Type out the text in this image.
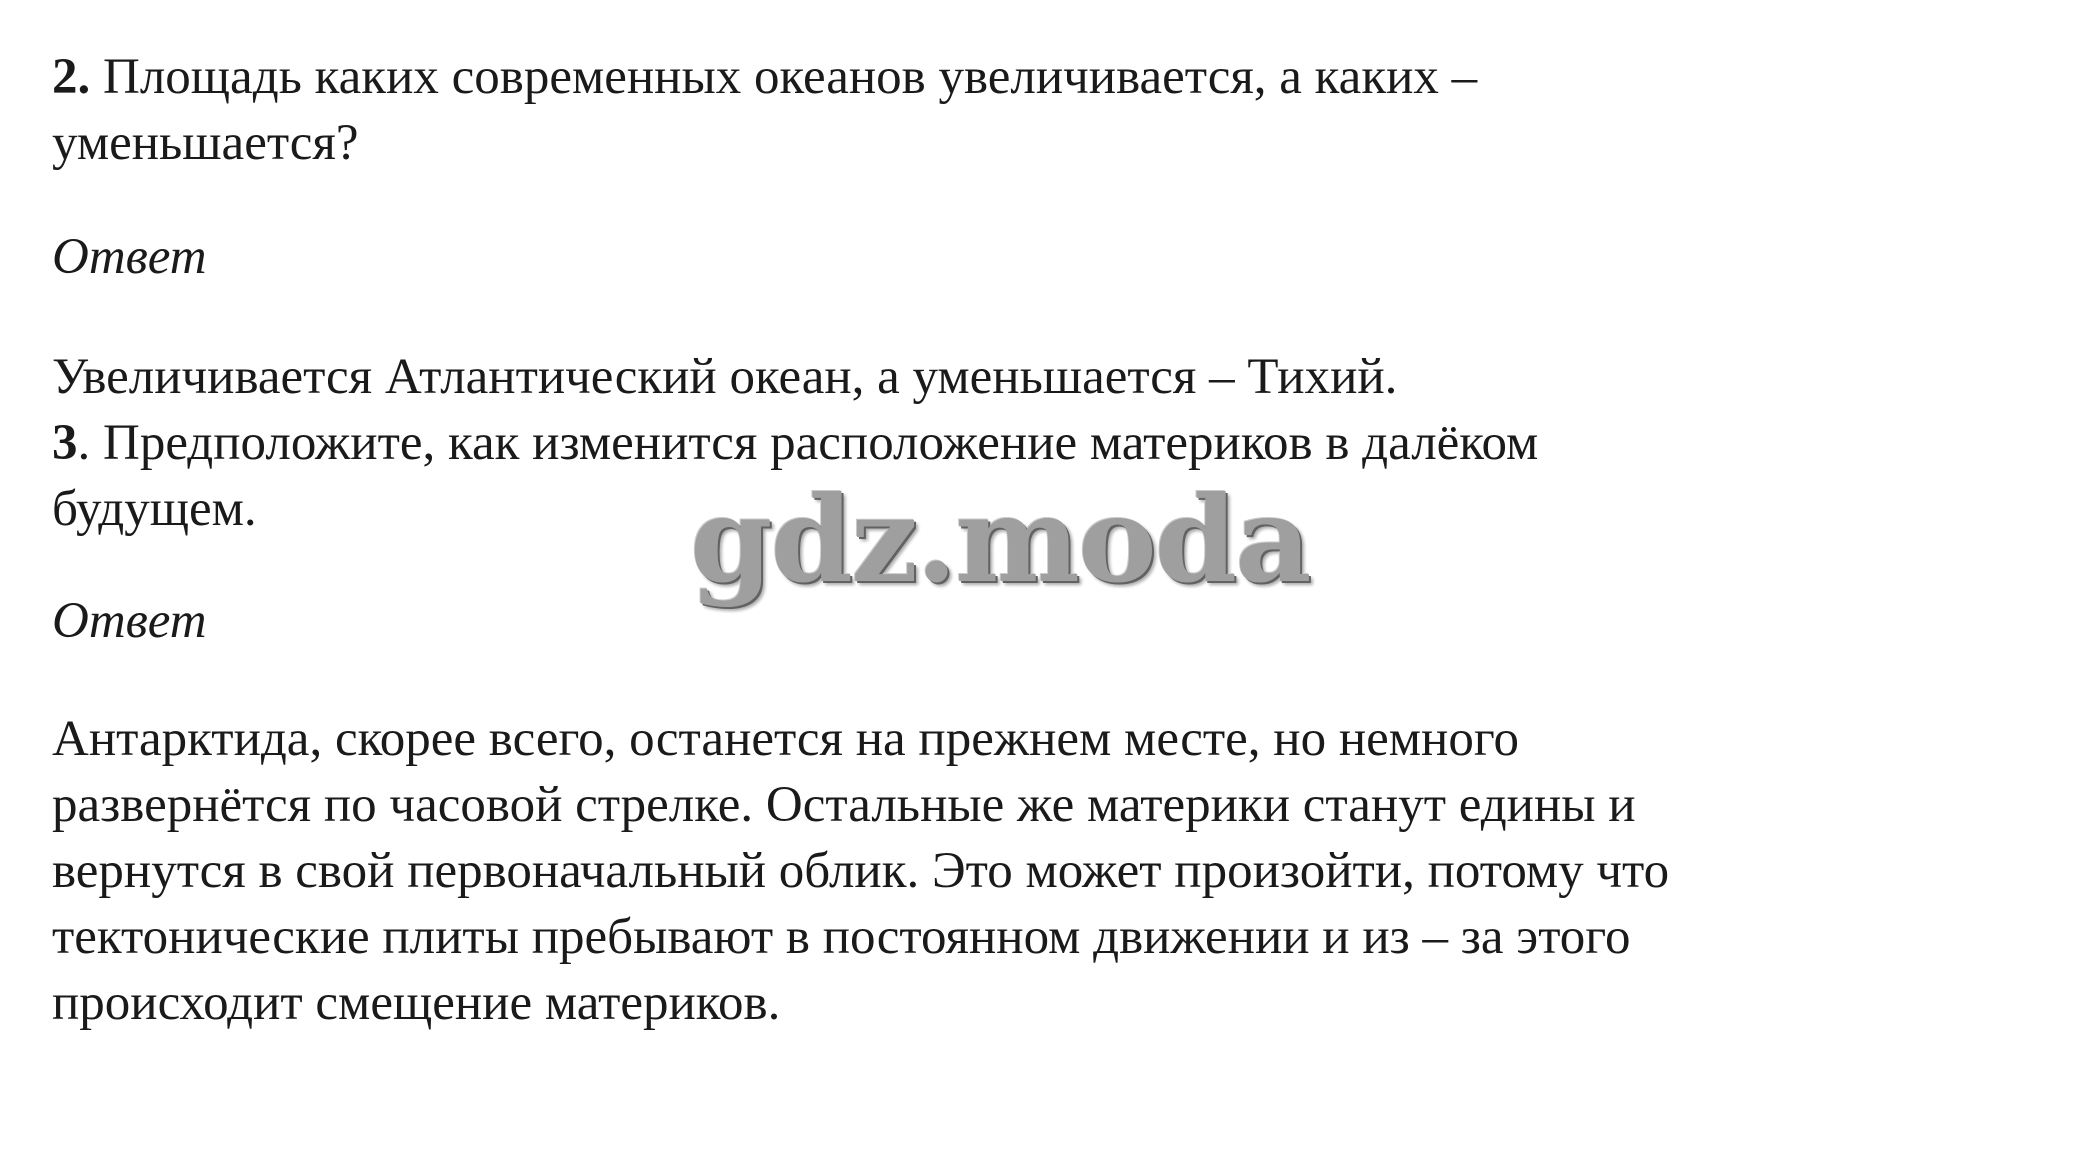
2. Площадь каких современных океанов увеличивается, а каких –
уменьшается?

Ответ

Увеличивается Атлантический океан, а уменьшается – Тихий.

3. Предположите, как изменится расположение материков в далёком
будущем.

Ответ

Антарктида, скорее всего, останется на прежнем месте, но немного
развернётся по часовой стрелке. Остальные же материки станут едины и
вернутся в свой первоначальный облик. Это может произойти, потому что
тектонические плиты пребывают в постоянном движении и из – за этого
происходит смещение материков.

gdz.moda
